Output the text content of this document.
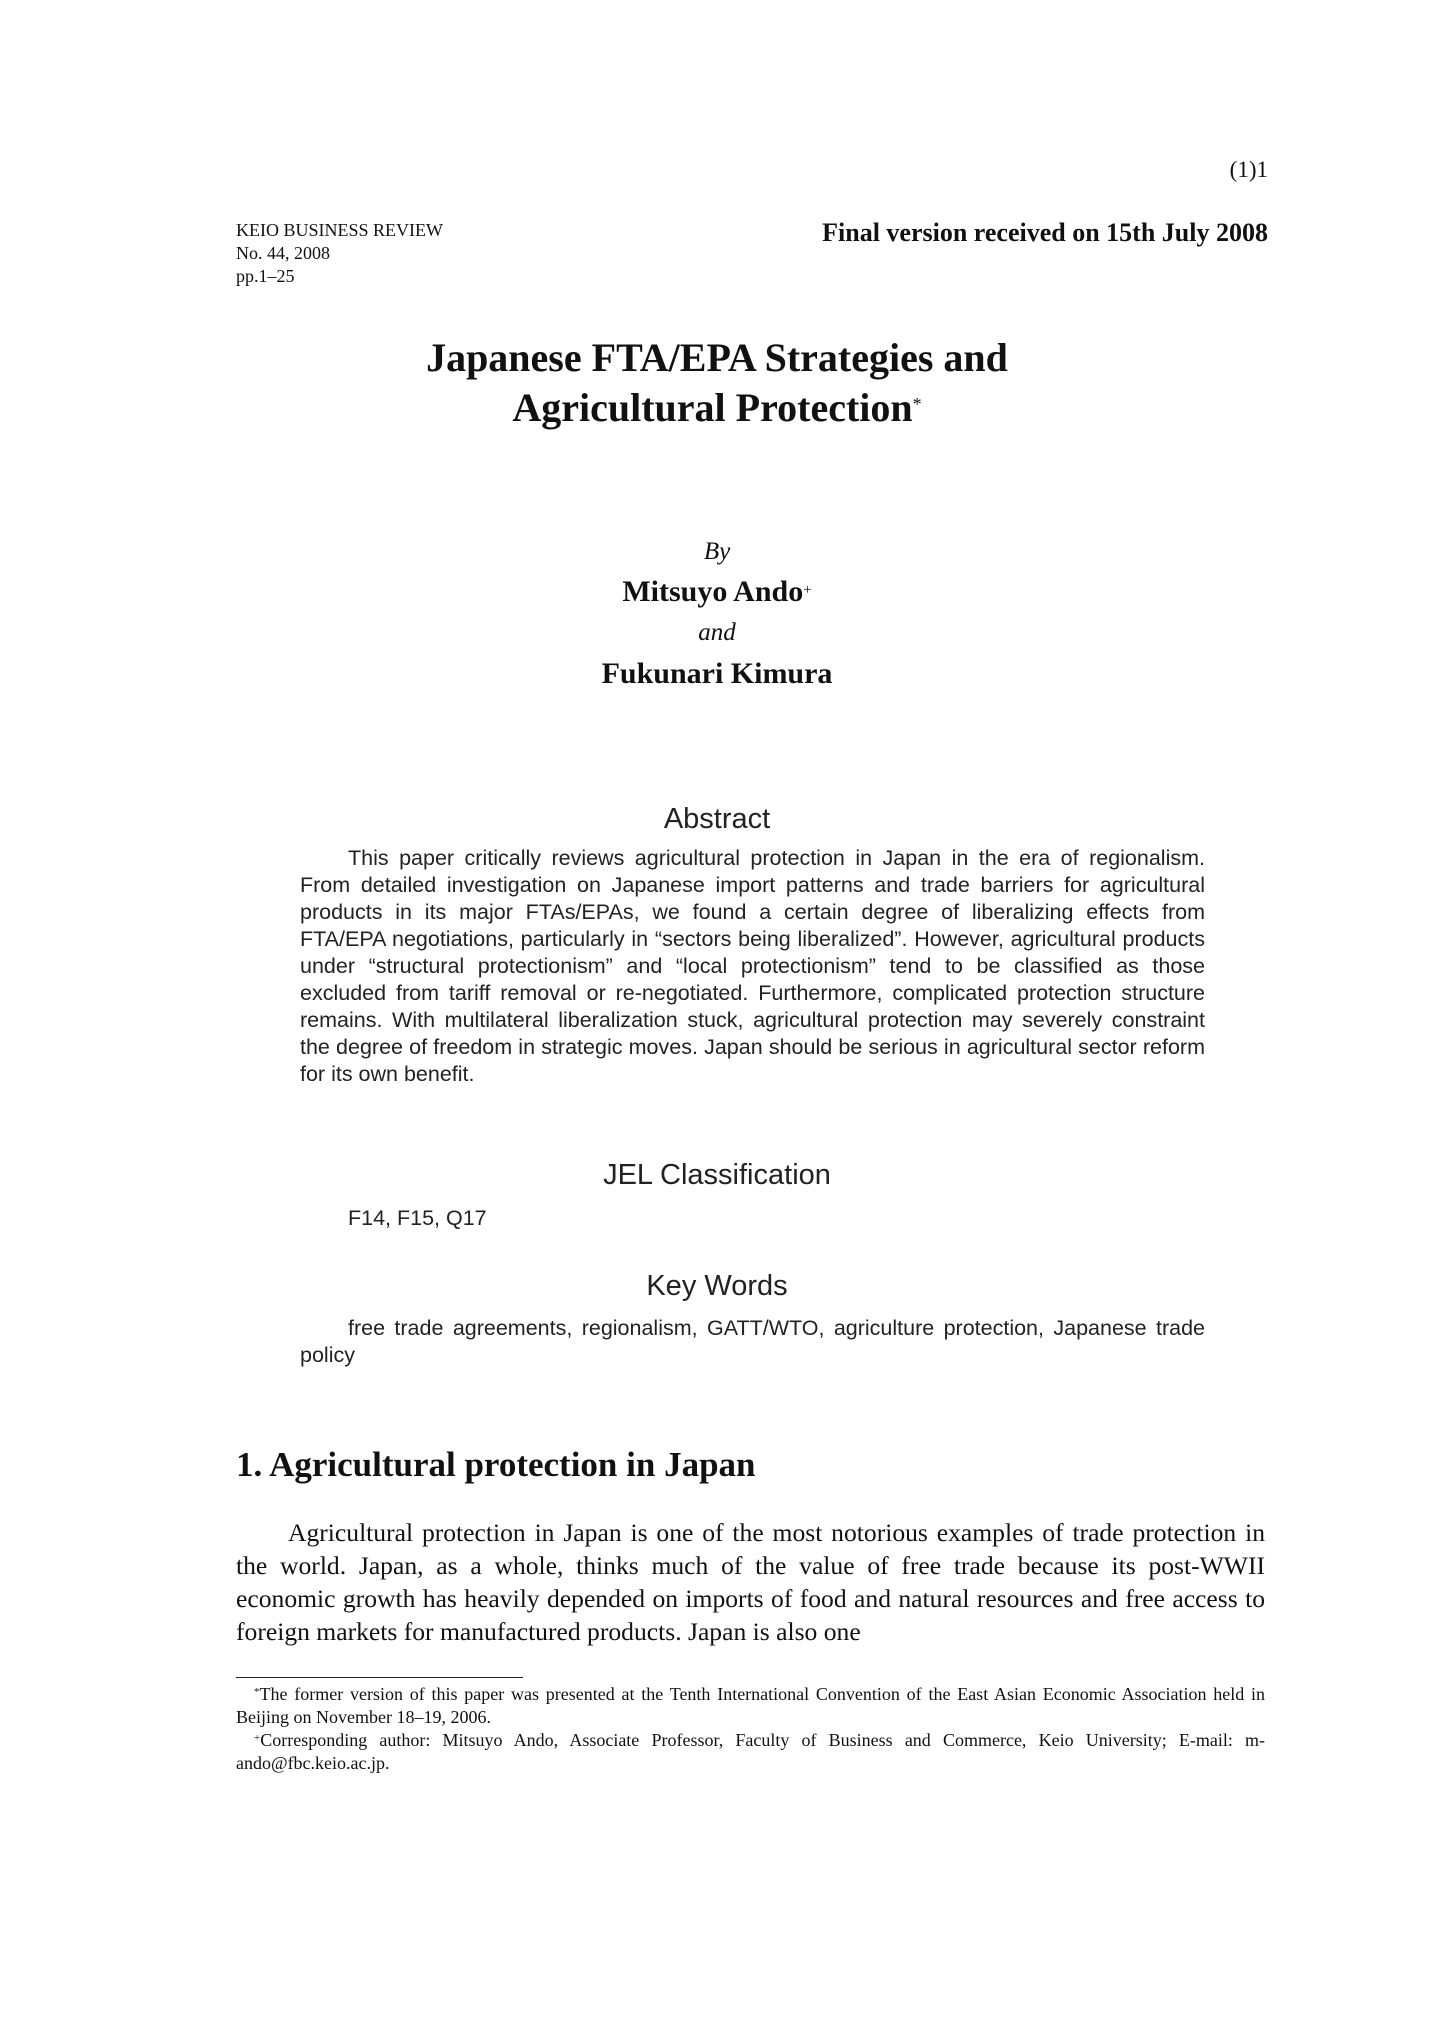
(1)1
KEIO BUSINESS REVIEW
No. 44, 2008
pp.1–25
Final version received on 15th July 2008
Japanese FTA/EPA Strategies and
Agricultural Protection*
By
Mitsuyo Ando+
and
Fukunari Kimura
Abstract

This paper critically reviews agricultural protection in Japan in the era of regionalism. From detailed investigation on Japanese import patterns and trade barriers for agricultural products in its major FTAs/EPAs, we found a certain degree of liberalizing effects from FTA/EPA negotiations, particularly in “sectors being liberalized”. However, agricultural products under “structural protectionism” and “local protectionism” tend to be classified as those excluded from tariff removal or re-negotiated. Furthermore, complicated protection structure remains. With multilateral liberalization stuck, agricultural protection may severely constraint the degree of freedom in strategic moves. Japan should be serious in agricultural sector reform for its own benefit.

JEL Classification
F14, F15, Q17
Key Words

free trade agreements, regionalism, GATT/WTO, agriculture protection, Japanese trade policy

1. Agricultural protection in Japan

Agricultural protection in Japan is one of the most notorious examples of trade protection in the world. Japan, as a whole, thinks much of the value of free trade because its post-WWII economic growth has heavily depended on imports of food and natural resources and free access to foreign markets for manufactured products. Japan is also one

*The former version of this paper was presented at the Tenth International Convention of the East Asian Economic Association held in Beijing on November 18–19, 2006.

+Corresponding author: Mitsuyo Ando, Associate Professor, Faculty of Business and Commerce, Keio University; E-mail: m-ando@fbc.keio.ac.jp.
